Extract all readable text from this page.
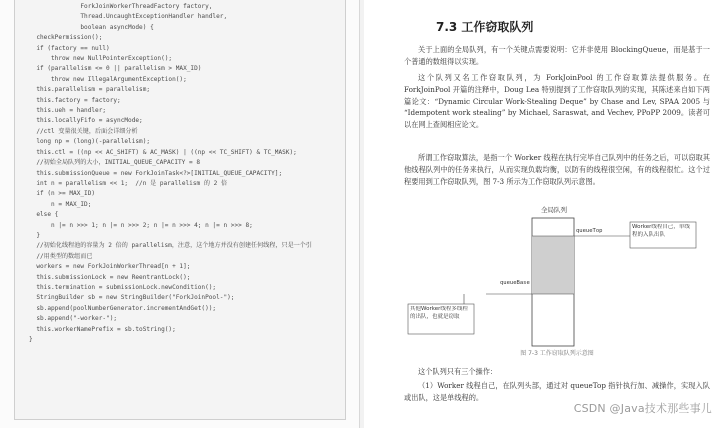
ForkJoinWorkerThreadFactory factory,
Thread.UncaughtExceptionHandler handler,
boolean asyncMode) {
checkPermission();
if (factory == null)
throw new NullPointerException();
if (parallelism <= 0 || parallelism > MAX_ID)
throw new IllegalArgumentException();
this.parallelism = parallelism;
this.factory = factory;
this.ueh = handler;
this.locallyFifo = asyncMode;
//ctl 变量很关键，后面会详细分析
long np = (long)(-parallelism);
this.ctl = ((np << AC_SHIFT) & AC_MASK) | ((np << TC_SHIFT) & TC_MASK);
//初始全局队列的大小，INITIAL_QUEUE_CAPACITY = 8
this.submissionQueue = new ForkJoinTask<?>[INITIAL_QUEUE_CAPACITY];
int n = parallelism << 1;  //n 是 parallelism 的 2 倍
if (n >= MAX_ID)
n = MAX_ID;
else {
n |= n >>> 1; n |= n >>> 2; n |= n >>> 4; n |= n >>> 8;
}
//初始化线程池的容量为 2 倍的 parallelism，注意，这个地方并没有创建任何线程，只是一个引
//用类型的数组而已
workers = new ForkJoinWorkerThread[n + 1];
this.submissionLock = new ReentrantLock();
this.termination = submissionLock.newCondition();
StringBuilder sb = new StringBuilder("ForkJoinPool-");
sb.append(poolNumberGenerator.incrementAndGet());
sb.append("-worker-");
this.workerNamePrefix = sb.toString();
}
7.3 工作窃取队列
关于上面的全局队列，有一个关键点需要说明：它并非使用 BlockingQueue，而是基于一个普通的数组得以实现。
这个队列又名工作窃取队列，为 ForkJoinPool 的工作窃取算法提供服务。在 ForkJoinPool 开篇的注释中，Doug Lea 特别提到了工作窃取队列的实现，其陈述来自如下两篇论文：“Dynamic Circular Work-Stealing Deque” by Chase and Lev, SPAA 2005 与 “Idempotent work stealing” by Michael, Saraswat, and Vechev, PPoPP 2009。读者可以在网上查阅相应论文。
所谓工作窃取算法，是指一个 Worker 线程在执行完毕自己队列中的任务之后，可以窃取其他线程队列中的任务来执行，从而实现负载均衡，以防有的线程很空闲，有的线程很忙。这个过程要用到工作窃取队列，图 7-3 所示为工作窃取队列示意图。
全局队列
queueTop
Worker线程自己，单线程的入队出队
queueBase
其他Worker线程多线程的出队，也就是窃取
图 7-3 工作窃取队列示意图
这个队列只有三个操作：
（1）Worker 线程自己，在队列头部，通过对 queueTop 指针执行加、减操作，实现入队或出队，这是单线程的。
CSDN @Java技术那些事儿
